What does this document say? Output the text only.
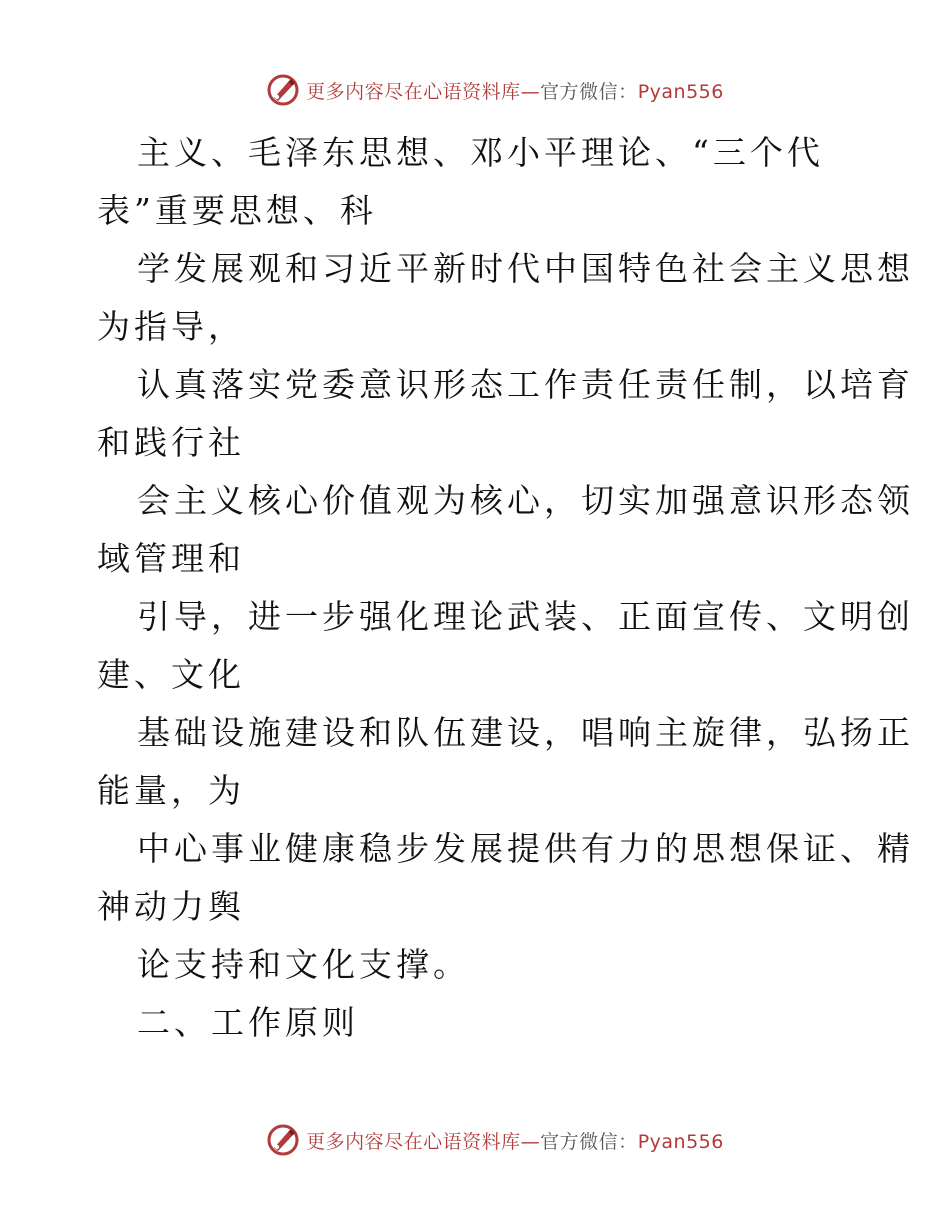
更多内容尽在心语资料库—官方微信：Pyan556
主义、毛泽东思想、邓小平理论、“三个代
表”重要思想、科
学发展观和习近平新时代中国特色社会主义思想
为指导，
认真落实党委意识形态工作责任责任制，以培育
和践行社
会主义核心价值观为核心，切实加强意识形态领
域管理和
引导，进一步强化理论武装、正面宣传、文明创
建、文化
基础设施建设和队伍建设，唱响主旋律，弘扬正
能量，为
中心事业健康稳步发展提供有力的思想保证、精
神动力舆
论支持和文化支撑。
二、工作原则
更多内容尽在心语资料库—官方微信：Pyan556
